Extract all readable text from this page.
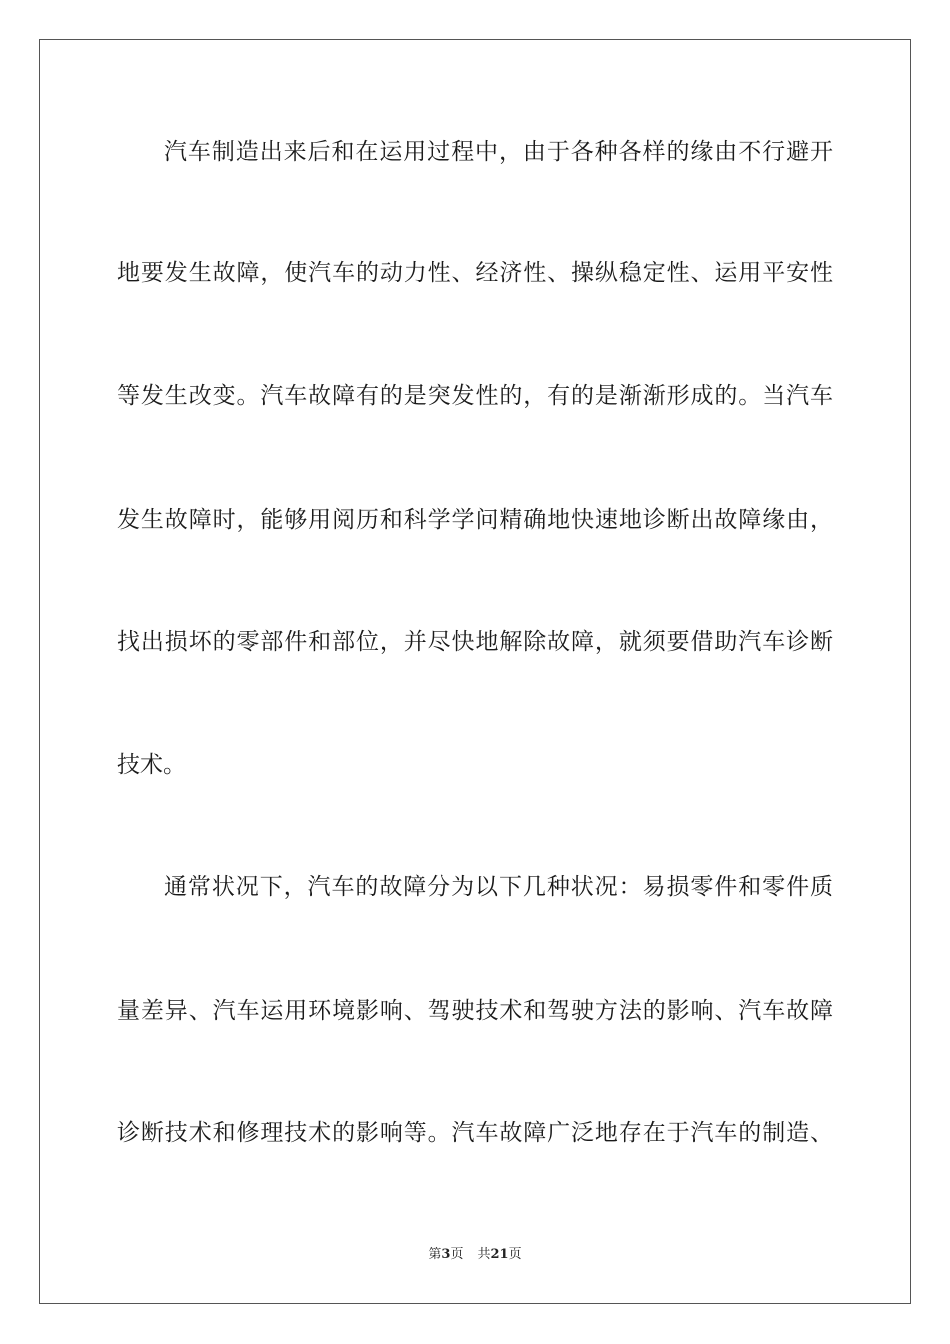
汽车制造出来后和在运用过程中，由于各种各样的缘由不行避开
地要发生故障，使汽车的动力性、经济性、操纵稳定性、运用平安性
等发生改变。汽车故障有的是突发性的，有的是渐渐形成的。当汽车
发生故障时，能够用阅历和科学学问精确地快速地诊断出故障缘由，
找出损坏的零部件和部位，并尽快地解除故障，就须要借助汽车诊断
技术。
通常状况下，汽车的故障分为以下几种状况：易损零件和零件质
量差异、汽车运用环境影响、驾驶技术和驾驶方法的影响、汽车故障
诊断技术和修理技术的影响等。汽车故障广泛地存在于汽车的制造、
第3页 共21页
